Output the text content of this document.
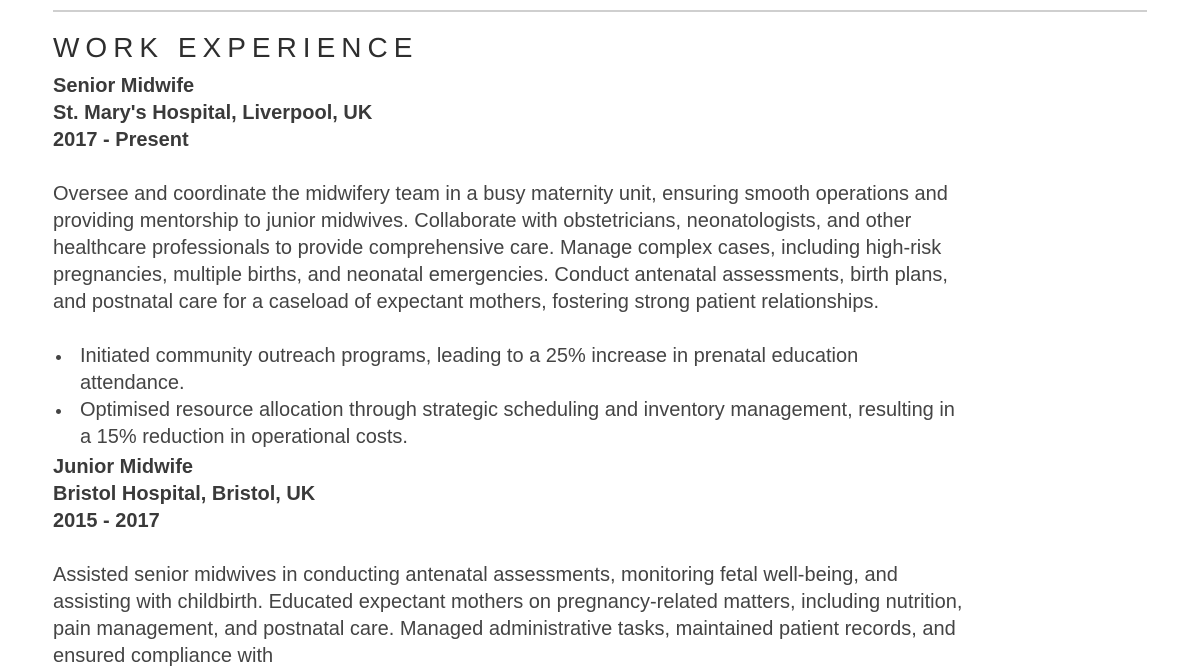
WORK EXPERIENCE

Senior Midwife

St. Mary's Hospital, Liverpool, UK

2017 - Present

Oversee and coordinate the midwifery team in a busy maternity unit, ensuring smooth operations and providing mentorship to junior midwives. Collaborate with obstetricians, neonatologists, and other healthcare professionals to provide comprehensive care. Manage complex cases, including high-risk pregnancies, multiple births, and neonatal emergencies. Conduct antenatal assessments, birth plans, and postnatal care for a caseload of expectant mothers, fostering strong patient relationships.

Initiated community outreach programs, leading to a 25% increase in prenatal education attendance.
Optimised resource allocation through strategic scheduling and inventory management, resulting in a 15% reduction in operational costs.

Junior Midwife

Bristol Hospital, Bristol, UK

2015 - 2017

Assisted senior midwives in conducting antenatal assessments, monitoring fetal well-being, and assisting with childbirth. Educated expectant mothers on pregnancy-related matters, including nutrition, pain management, and postnatal care. Managed administrative tasks, maintained patient records, and ensured compliance with
